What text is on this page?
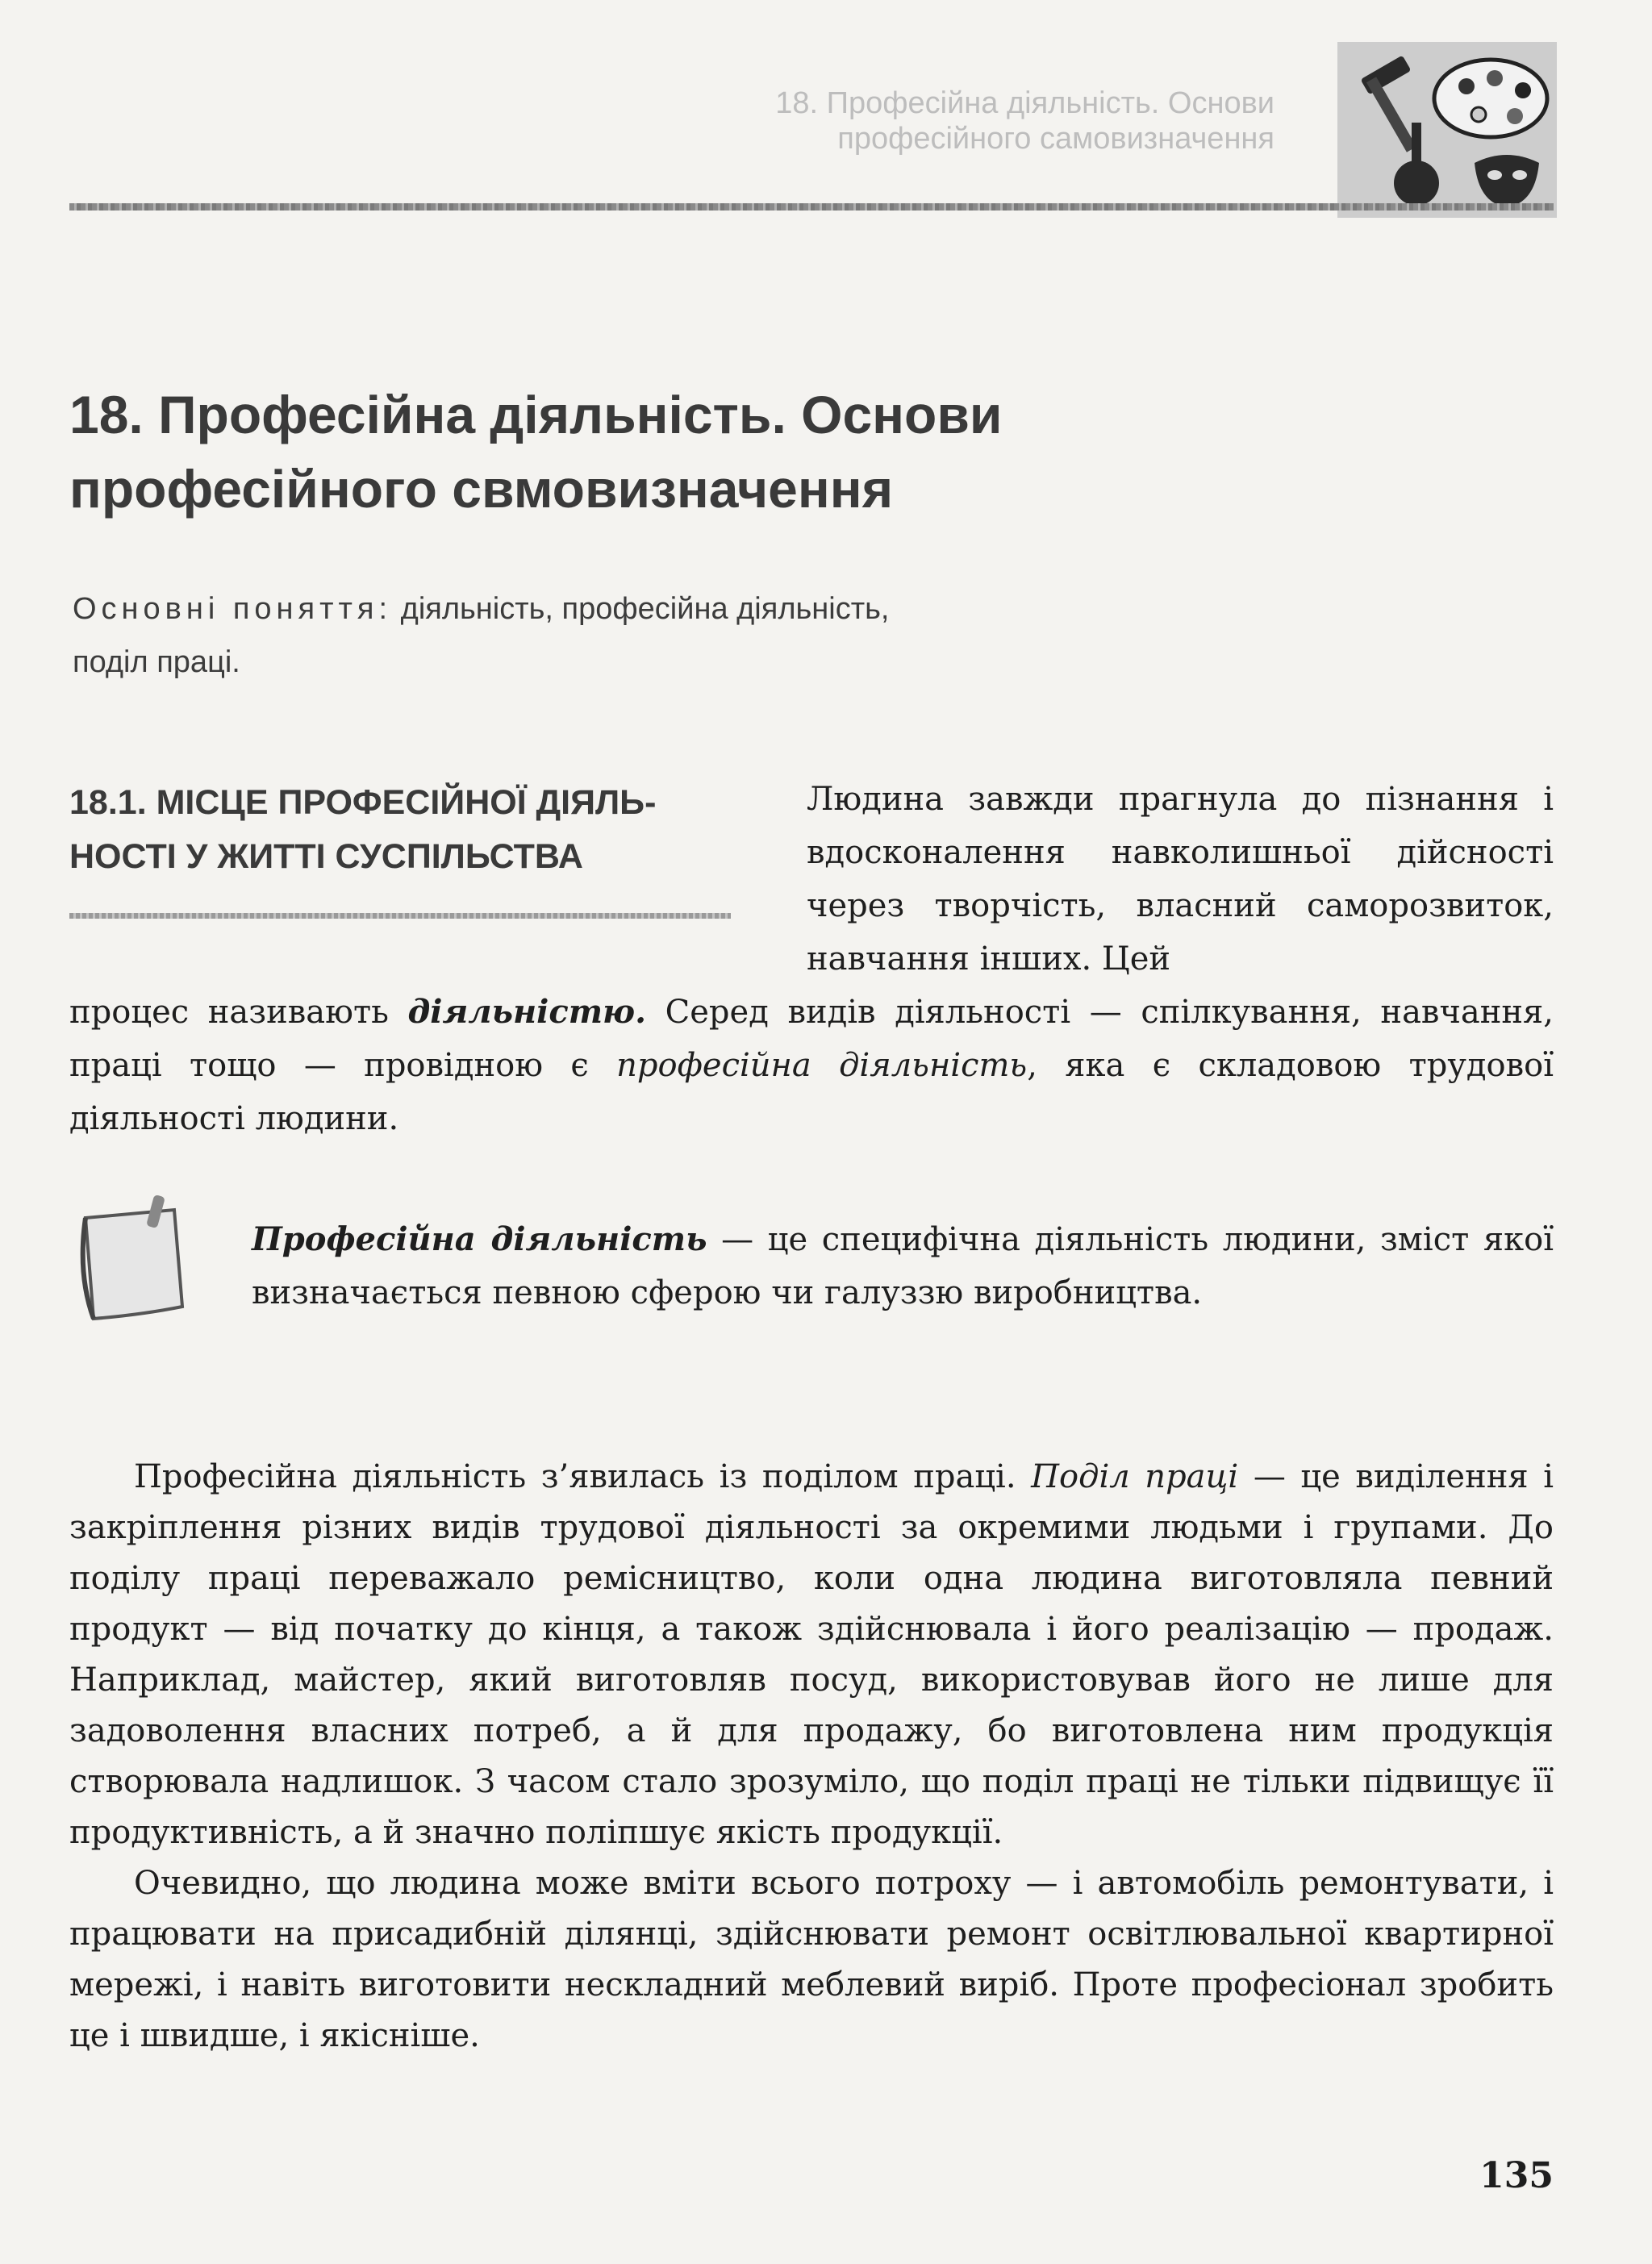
18. Професійна діяльність. Основи
професійного самовизначення
18. Професійна діяльність. Основи
професійного свмовизначення
Основні поняття: діяльність, професійна діяльність,
поділ праці.
18.1. МІСЦЕ ПРОФЕСІЙНОЇ ДІЯЛЬ-
НОСТІ У ЖИТТІ СУСПІЛЬСТВА

Людина завжди прагнула до пізнання і вдосконалення навколишньої дійсності через творчість, власний саморозвиток, навчання інших. Цей

процес називають діяльністю. Серед видів діяльності — спілкування, навчання, праці тощо — провідною є професійна діяльність, яка є складовою трудової діяльності людини.

Професійна діяльність — це специфічна діяльність людини, зміст якої визначається певною сферою чи галуззю виробництва.

Професійна діяльність з’явилась із поділом праці. Поділ праці — це виділення і закріплення різних видів трудової діяльності за окремими людьми і групами. До поділу праці переважало ремісництво, коли одна людина виготовляла певний продукт — від початку до кінця, а також здійснювала і його реалізацію — продаж. Наприклад, майстер, який виготовляв посуд, використовував його не лише для задоволення власних потреб, а й для продажу, бо виготовлена ним продукція створювала надлишок. З часом стало зрозуміло, що поділ праці не тільки підвищує її продуктивність, а й значно поліпшує якість продукції.

Очевидно, що людина може вміти всього потроху — і автомобіль ремонтувати, і працювати на присадибній ділянці, здійснювати ремонт освітлювальної квартирної мережі, і навіть виготовити нескладний меблевий виріб. Проте професіонал зробить це і швидше, і якісніше.

135
